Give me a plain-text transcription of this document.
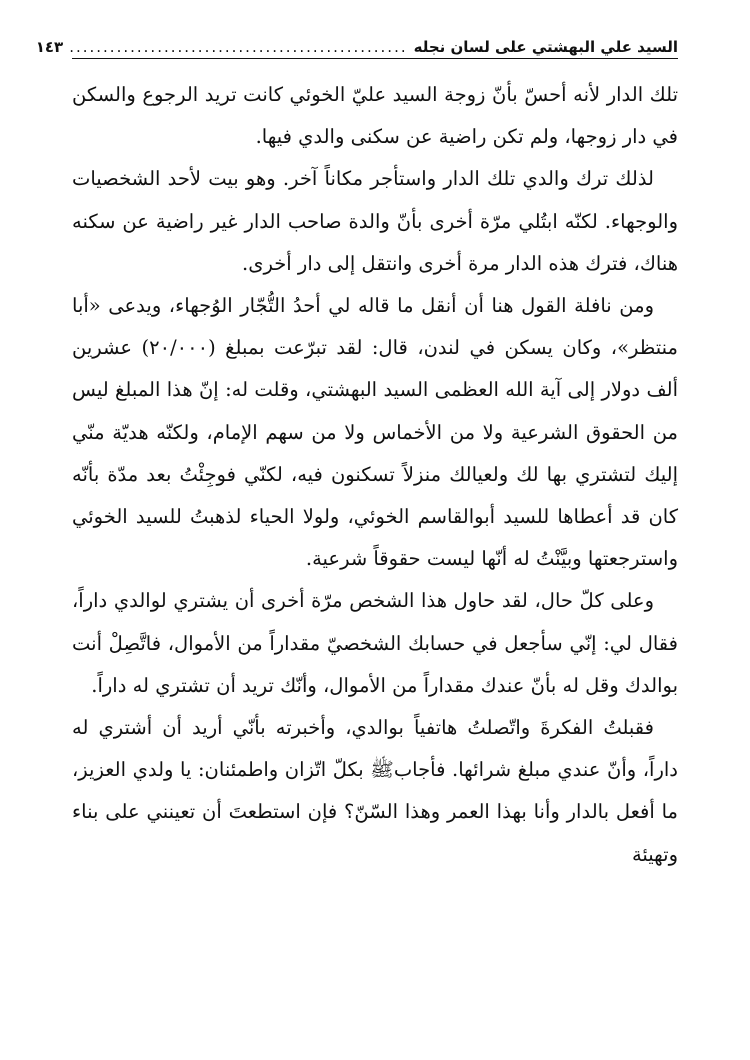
السيد علي البهشتي على لسان نجله
..................................................
١٤٣

تلك الدار لأنه أحسّ بأنّ زوجة السيد عليّ الخوئي كانت تريد الرجوع والسكن في دار زوجها، ولم تكن راضية عن سكنى والدي فيها.

لذلك ترك والدي تلك الدار واستأجر مكاناً آخر. وهو بيت لأحد الشخصيات والوجهاء. لكنّه ابتُلي مرّة أخرى بأنّ والدة صاحب الدار غير راضية عن سكنه هناك، فترك هذه الدار مرة أخرى وانتقل إلى دار أخرى.

ومن نافلة القول هنا أن أنقل ما قاله لي أحدُ التُّجّار الوُجهاء، ويدعى «أبا منتظر»، وكان يسكن في لندن، قال: لقد تبرّعت بمبلغ (٢٠/٠٠٠) عشرين ألف دولار إلى آية الله العظمى السيد البهشتي، وقلت له: إنّ هذا المبلغ ليس من الحقوق الشرعية ولا من الأخماس ولا من سهم الإمام، ولكنّه هديّة منّي إليك لتشتري بها لك ولعيالك منزلاً تسكنون فيه، لكنّي فوجِئْتُ بعد مدّة بأنّه كان قد أعطاها للسيد أبوالقاسم الخوئي، ولولا الحياء لذهبتُ للسيد الخوئي واسترجعتها وبيَّنْتُ له أنّها ليست حقوقاً شرعية.

وعلى كلّ حال، لقد حاول هذا الشخص مرّة أخرى أن يشتري لوالدي داراً، فقال لي: إنّي سأجعل في حسابك الشخصيّ مقداراً من الأموال، فاتَّصِلْ أنت بوالدك وقل له بأنّ عندك مقداراً من الأموال، وأنّك تريد أن تشتري له داراً.

فقبلتُ الفكرةَ واتّصلتُ هاتفياً بوالدي، وأخبرته بأنّي أريد أن أشتري له داراً، وأنّ عندي مبلغ شرائها. فأجابﷺ بكلّ اتّزان واطمئنان: يا ولدي العزيز، ما أفعل بالدار وأنا بهذا العمر وهذا السّنّ؟ فإن استطعتَ أن تعينني على بناء وتهيئة
